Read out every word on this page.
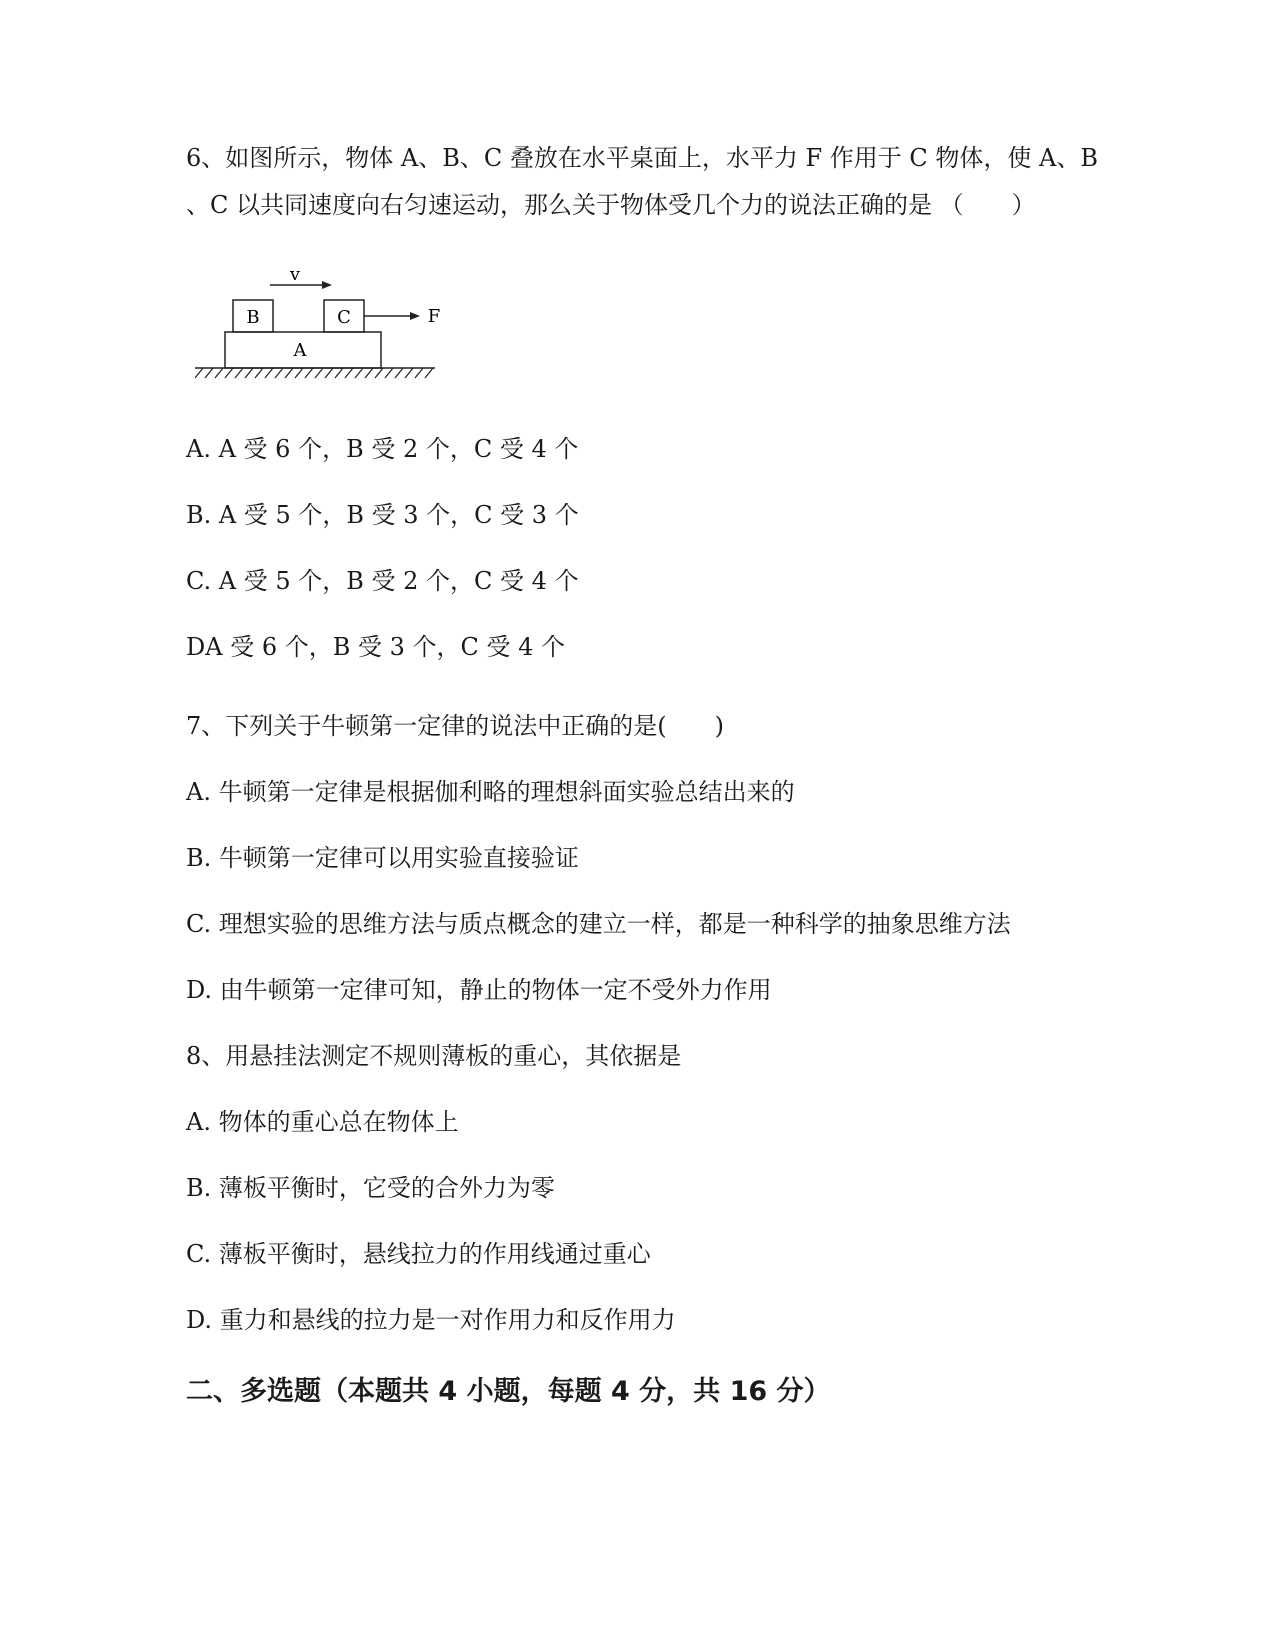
6、如图所示，物体 A、B、C 叠放在水平桌面上，水平力 F 作用于 C 物体，使 A、B
、C 以共同速度向右匀速运动，那么关于物体受几个力的说法正确的是 （　　）
v
B	C	F
A
A. A 受 6 个，B 受 2 个，C 受 4 个
B. A 受 5 个，B 受 3 个，C 受 3 个
C. A 受 5 个，B 受 2 个，C 受 4 个
DA 受 6 个，B 受 3 个，C 受 4 个
7、下列关于牛顿第一定律的说法中正确的是(　　)
A. 牛顿第一定律是根据伽利略的理想斜面实验总结出来的
B. 牛顿第一定律可以用实验直接验证
C. 理想实验的思维方法与质点概念的建立一样，都是一种科学的抽象思维方法
D. 由牛顿第一定律可知，静止的物体一定不受外力作用
8、用悬挂法测定不规则薄板的重心，其依据是
A. 物体的重心总在物体上
B. 薄板平衡时，它受的合外力为零
C. 薄板平衡时，悬线拉力的作用线通过重心
D. 重力和悬线的拉力是一对作用力和反作用力
二、多选题（本题共 4 小题，每题 4 分，共 16 分）
